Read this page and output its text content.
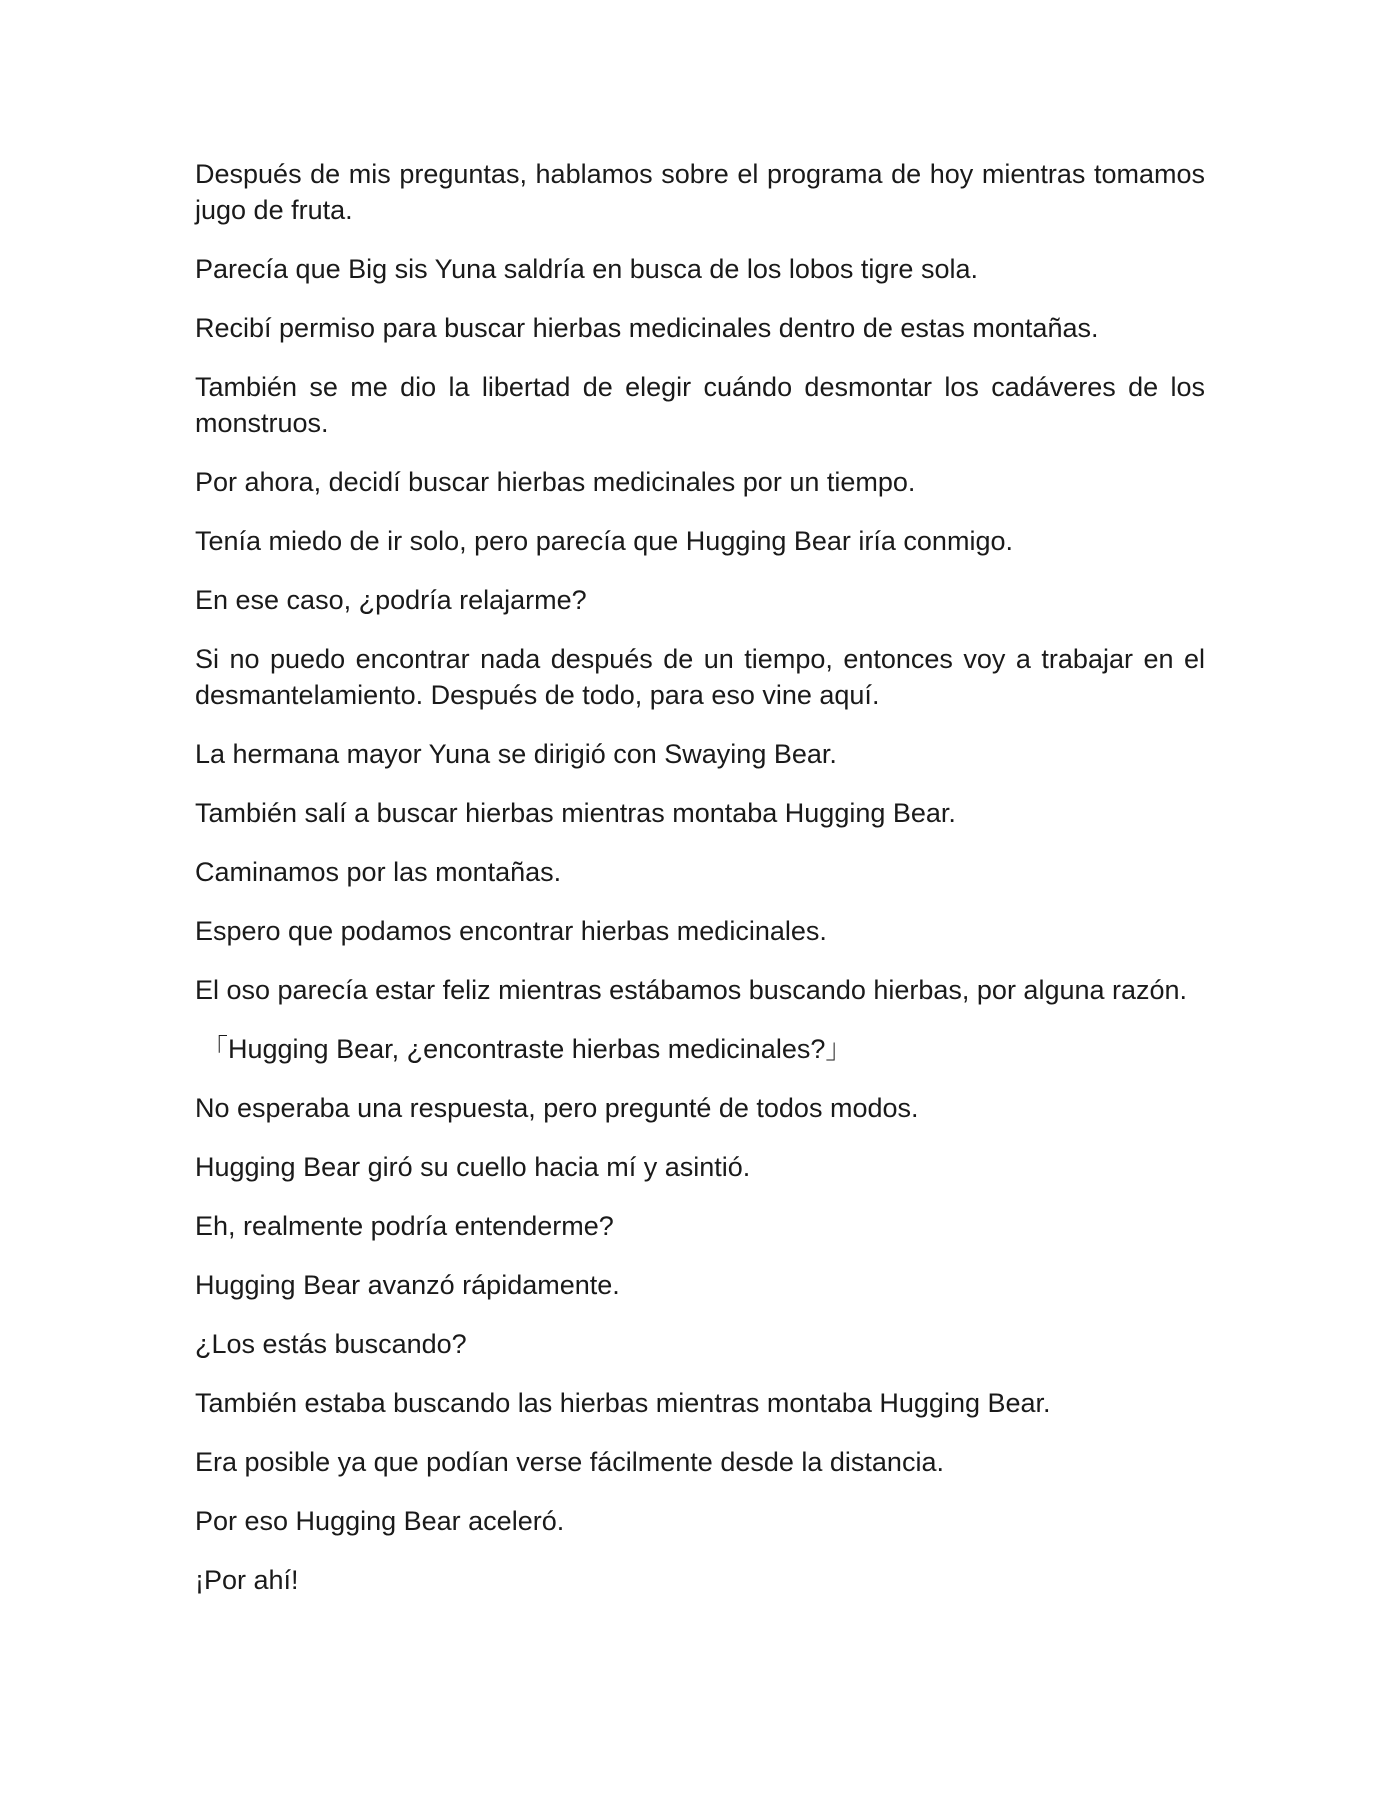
Después de mis preguntas, hablamos sobre el programa de hoy mientras tomamos jugo de fruta.

Parecía que Big sis Yuna saldría en busca de los lobos tigre sola.

Recibí permiso para buscar hierbas medicinales dentro de estas montañas.

También se me dio la libertad de elegir cuándo desmontar los cadáveres de los monstruos.

Por ahora, decidí buscar hierbas medicinales por un tiempo.

Tenía miedo de ir solo, pero parecía que Hugging Bear iría conmigo.

En ese caso, ¿podría relajarme?

Si no puedo encontrar nada después de un tiempo, entonces voy a trabajar en el desmantelamiento. Después de todo, para eso vine aquí.

La hermana mayor Yuna se dirigió con Swaying Bear.

También salí a buscar hierbas mientras montaba Hugging Bear.

Caminamos por las montañas.

Espero que podamos encontrar hierbas medicinales.

El oso parecía estar feliz mientras estábamos buscando hierbas, por alguna razón.

「Hugging Bear, ¿encontraste hierbas medicinales?」

No esperaba una respuesta, pero pregunté de todos modos.

Hugging Bear giró su cuello hacia mí y asintió.

Eh, realmente podría entenderme?

Hugging Bear avanzó rápidamente.

¿Los estás buscando?

También estaba buscando las hierbas mientras montaba Hugging Bear.

Era posible ya que podían verse fácilmente desde la distancia.

Por eso Hugging Bear aceleró.

¡Por ahí!
